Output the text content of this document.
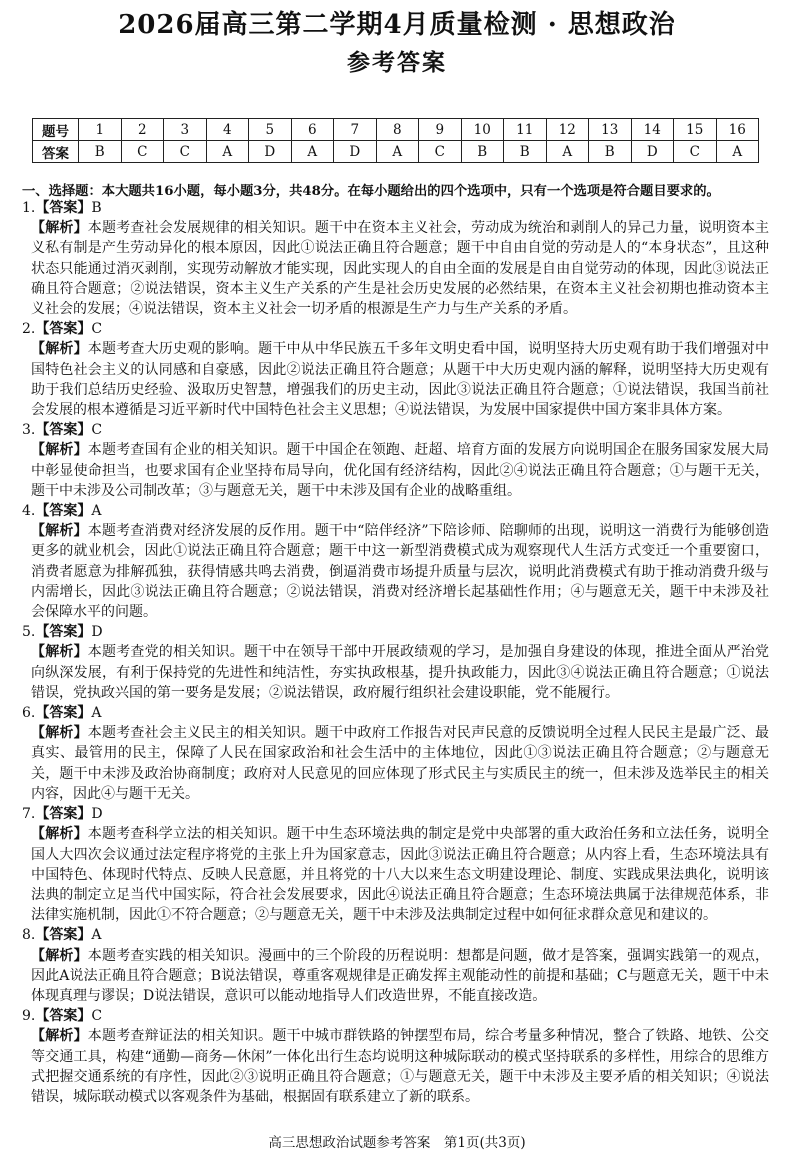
2026届高三第二学期4月质量检测 · 思想政治
参考答案
题号	1	2	3	4	5	6	7	8	9	10	11	12	13	14	15	16
答案	B	C	C	A	D	A	D	A	C	B	B	A	B	D	C	A
一、选择题：本大题共16小题，每小题3分，共48分。在每小题给出的四个选项中，只有一个选项是符合题目要求的。

1.【答案】B

【解析】本题考查社会发展规律的相关知识。题干中在资本主义社会，劳动成为统治和剥削人的异己力量，说明资本主义私有制是产生劳动异化的根本原因，因此①说法正确且符合题意；题干中自由自觉的劳动是人的“本身状态”，且这种状态只能通过消灭剥削，实现劳动解放才能实现，因此实现人的自由全面的发展是自由自觉劳动的体现，因此③说法正确且符合题意；②说法错误，资本主义生产关系的产生是社会历史发展的必然结果，在资本主义社会初期也推动资本主义社会的发展；④说法错误，资本主义社会一切矛盾的根源是生产力与生产关系的矛盾。

2.【答案】C

【解析】本题考查大历史观的影响。题干中从中华民族五千多年文明史看中国，说明坚持大历史观有助于我们增强对中国特色社会主义的认同感和自豪感，因此②说法正确且符合题意；从题干中大历史观内涵的解释，说明坚持大历史观有助于我们总结历史经验、汲取历史智慧，增强我们的历史主动，因此③说法正确且符合题意；①说法错误，我国当前社会发展的根本遵循是习近平新时代中国特色社会主义思想；④说法错误，为发展中国家提供中国方案非具体方案。

3.【答案】C

【解析】本题考查国有企业的相关知识。题干中国企在领跑、赶超、培育方面的发展方向说明国企在服务国家发展大局中彰显使命担当，也要求国有企业坚持布局导向，优化国有经济结构，因此②④说法正确且符合题意；①与题干无关，题干中未涉及公司制改革；③与题意无关，题干中未涉及国有企业的战略重组。

4.【答案】A

【解析】本题考查消费对经济发展的反作用。题干中“陪伴经济”下陪诊师、陪聊师的出现，说明这一消费行为能够创造更多的就业机会，因此①说法正确且符合题意；题干中这一新型消费模式成为观察现代人生活方式变迁一个重要窗口，消费者愿意为排解孤独，获得情感共鸣去消费，倒逼消费市场提升质量与层次，说明此消费模式有助于推动消费升级与内需增长，因此③说法正确且符合题意；②说法错误，消费对经济增长起基础性作用；④与题意无关，题干中未涉及社会保障水平的问题。

5.【答案】D

【解析】本题考查党的相关知识。题干中在领导干部中开展政绩观的学习，是加强自身建设的体现，推进全面从严治党向纵深发展，有利于保持党的先进性和纯洁性，夯实执政根基，提升执政能力，因此③④说法正确且符合题意；①说法错误，党执政兴国的第一要务是发展；②说法错误，政府履行组织社会建设职能，党不能履行。

6.【答案】A

【解析】本题考查社会主义民主的相关知识。题干中政府工作报告对民声民意的反馈说明全过程人民民主是最广泛、最真实、最管用的民主，保障了人民在国家政治和社会生活中的主体地位，因此①③说法正确且符合题意；②与题意无关，题干中未涉及政治协商制度；政府对人民意见的回应体现了形式民主与实质民主的统一，但未涉及选举民主的相关内容，因此④与题干无关。

7.【答案】D

【解析】本题考查科学立法的相关知识。题干中生态环境法典的制定是党中央部署的重大政治任务和立法任务，说明全国人大四次会议通过法定程序将党的主张上升为国家意志，因此③说法正确且符合题意；从内容上看，生态环境法具有中国特色、体现时代特点、反映人民意愿，并且将党的十八大以来生态文明建设理论、制度、实践成果法典化，说明该法典的制定立足当代中国实际，符合社会发展要求，因此④说法正确且符合题意；生态环境法典属于法律规范体系，非法律实施机制，因此①不符合题意；②与题意无关，题干中未涉及法典制定过程中如何征求群众意见和建议的。

8.【答案】A

【解析】本题考查实践的相关知识。漫画中的三个阶段的历程说明：想都是问题，做才是答案，强调实践第一的观点，因此A说法正确且符合题意；B说法错误，尊重客观规律是正确发挥主观能动性的前提和基础；C与题意无关，题干中未体现真理与谬误；D说法错误，意识可以能动地指导人们改造世界，不能直接改造。

9.【答案】C

【解析】本题考查辩证法的相关知识。题干中城市群铁路的钟摆型布局，综合考量多种情况，整合了铁路、地铁、公交等交通工具，构建“通勤—商务—休闲”一体化出行生态均说明这种城际联动的模式坚持联系的多样性，用综合的思维方式把握交通系统的有序性，因此②③说明正确且符合题意；①与题意无关，题干中未涉及主要矛盾的相关知识；④说法错误，城际联动模式以客观条件为基础，根据固有联系建立了新的联系。

高三思想政治试题参考答案　第1页(共3页)
